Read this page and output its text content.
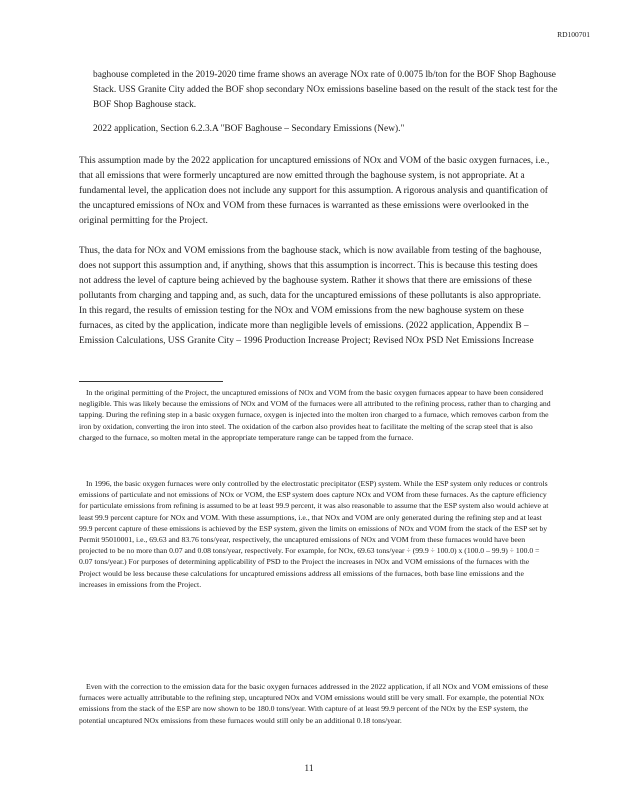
RD100701

baghouse completed in the 2019-2020 time frame shows an average NOx rate of 0.0075 lb/ton for the BOF Shop Baghouse Stack. USS Granite City added the BOF shop secondary NOx emissions baseline based on the result of the stack test for the BOF Shop Baghouse stack.

2022 application, Section 6.2.3.A "BOF Baghouse – Secondary Emissions (New)."

This assumption made by the 2022 application for uncaptured emissions of NOx and VOM of the basic oxygen furnaces, i.e., that all emissions that were formerly uncaptured are now emitted through the baghouse system, is not appropriate. At a fundamental level, the application does not include any support for this assumption. A rigorous analysis and quantification of the uncaptured emissions of NOx and VOM from these furnaces is warranted as these emissions were overlooked in the original permitting for the Project.

Thus, the data for NOx and VOM emissions from the baghouse stack, which is now available from testing of the baghouse, does not support this assumption and, if anything, shows that this assumption is incorrect. This is because this testing does not address the level of capture being achieved by the baghouse system. Rather it shows that there are emissions of these pollutants from charging and tapping and, as such, data for the uncaptured emissions of these pollutants is also appropriate. In this regard, the results of emission testing for the NOx and VOM emissions from the new baghouse system on these furnaces, as cited by the application, indicate more than negligible levels of emissions. (2022 application, Appendix B – Emission Calculations, USS Granite City – 1996 Production Increase Project; Revised NOx PSD Net Emissions Increase

In the original permitting of the Project, the uncaptured emissions of NOx and VOM from the basic oxygen furnaces appear to have been considered negligible. This was likely because the emissions of NOx and VOM of the furnaces were all attributed to the refining process, rather than to charging and tapping. During the refining step in a basic oxygen furnace, oxygen is injected into the molten iron charged to a furnace, which removes carbon from the iron by oxidation, converting the iron into steel. The oxidation of the carbon also provides heat to facilitate the melting of the scrap steel that is also charged to the furnace, so molten metal in the appropriate temperature range can be tapped from the furnace.

In 1996, the basic oxygen furnaces were only controlled by the electrostatic precipitator (ESP) system. While the ESP system only reduces or controls emissions of particulate and not emissions of NOx or VOM, the ESP system does capture NOx and VOM from these furnaces. As the capture efficiency for particulate emissions from refining is assumed to be at least 99.9 percent, it was also reasonable to assume that the ESP system also would achieve at least 99.9 percent capture for NOx and VOM. With these assumptions, i.e., that NOx and VOM are only generated during the refining step and at least 99.9 percent capture of these emissions is achieved by the ESP system, given the limits on emissions of NOx and VOM from the stack of the ESP set by Permit 95010001, i.e., 69.63 and 83.76 tons/year, respectively, the uncaptured emissions of NOx and VOM from these furnaces would have been projected to be no more than 0.07 and 0.08 tons/year, respectively. For example, for NOx, 69.63 tons/year ÷ (99.9 ÷ 100.0) x (100.0 – 99.9) ÷ 100.0 = 0.07 tons/year.) For purposes of determining applicability of PSD to the Project the increases in NOx and VOM emissions of the furnaces with the Project would be less because these calculations for uncaptured emissions address all emissions of the furnaces, both base line emissions and the increases in emissions from the Project.

Even with the correction to the emission data for the basic oxygen furnaces addressed in the 2022 application, if all NOx and VOM emissions of these furnaces were actually attributable to the refining step, uncaptured NOx and VOM emissions would still be very small. For example, the potential NOx emissions from the stack of the ESP are now shown to be 180.0 tons/year. With capture of at least 99.9 percent of the NOx by the ESP system, the potential uncaptured NOx emissions from these furnaces would still only be an additional 0.18 tons/year.

11
